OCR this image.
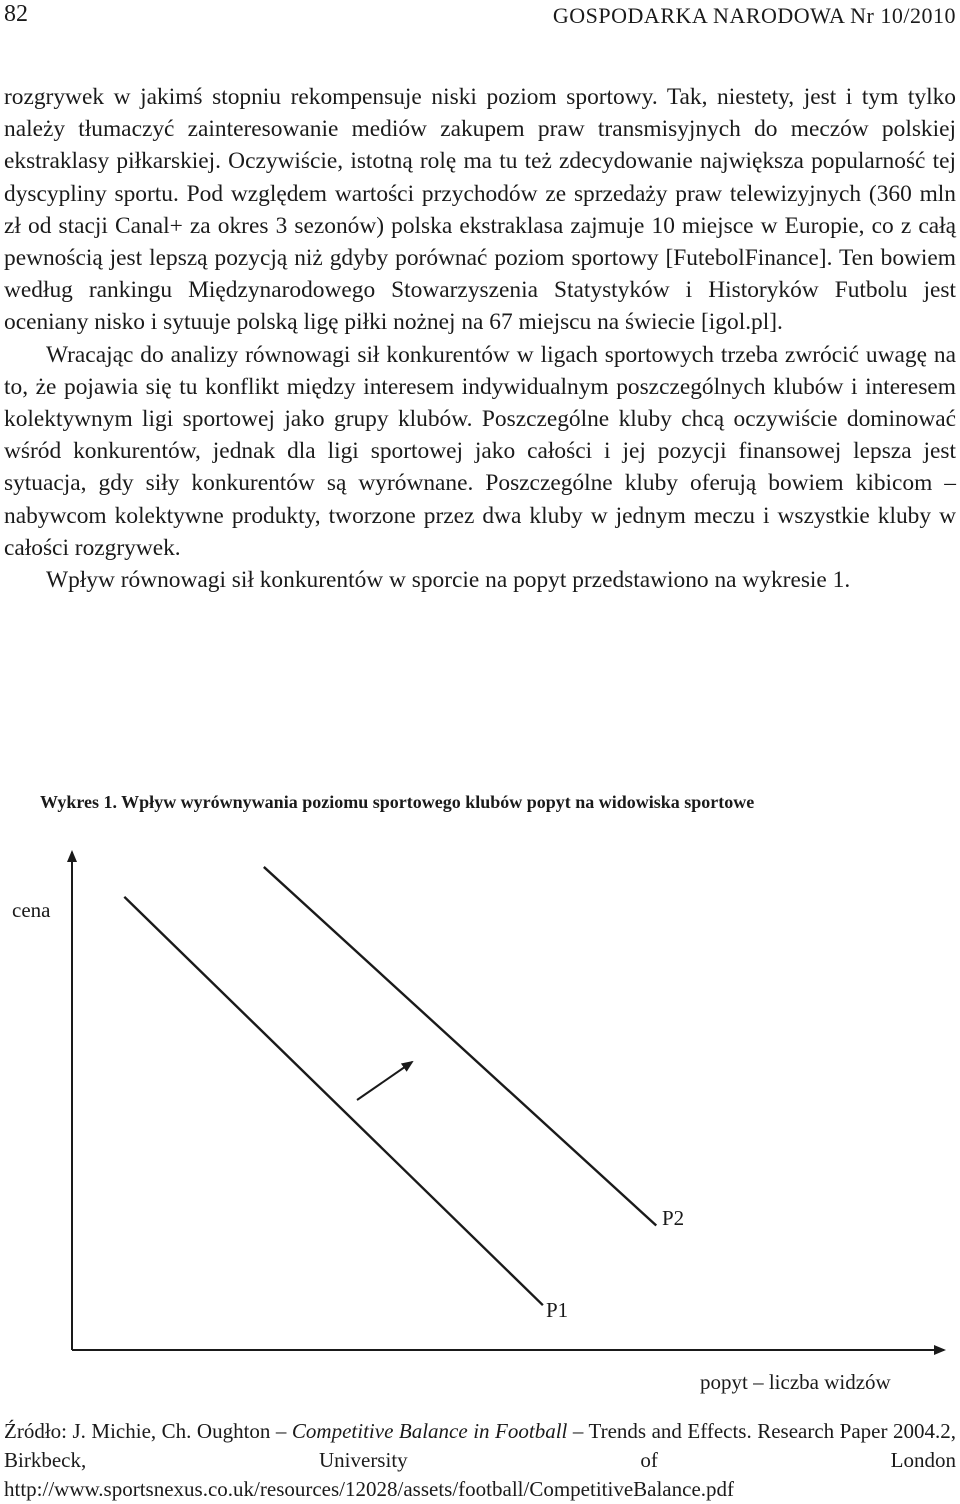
82	GOSPODARKA NARODOWA Nr 10/2010

rozgrywek w jakimś stopniu rekompensuje niski poziom sportowy. Tak, niestety, jest i tym tylko należy tłumaczyć zainteresowanie mediów zakupem praw transmisyjnych do meczów polskiej ekstraklasy piłkarskiej. Oczywiście, istotną rolę ma tu też zdecydowanie największa popularność tej dyscypliny sportu. Pod względem wartości przychodów ze sprzedaży praw telewizyjnych (360 mln zł od stacji Canal+ za okres 3 sezonów) polska ekstraklasa zajmuje 10 miejsce w Europie, co z całą pewnością jest lepszą pozycją niż gdyby porównać poziom sportowy [FutebolFinance]. Ten bowiem według rankingu Międzynarodowego Stowarzyszenia Statystyków i Historyków Futbolu jest oceniany nisko i sytuuje polską ligę piłki nożnej na 67 miejscu na świecie [igol.pl].

Wracając do analizy równowagi sił konkurentów w ligach sportowych trzeba zwrócić uwagę na to, że pojawia się tu konflikt między interesem indywidualnym poszczególnych klubów i interesem kolektywnym ligi sportowej jako grupy klubów. Poszczególne kluby chcą oczywiście dominować wśród konkurentów, jednak dla ligi sportowej jako całości i jej pozycji finansowej lepsza jest sytuacja, gdy siły konkurentów są wyrównane. Poszczególne kluby oferują bowiem kibicom – nabywcom kolektywne produkty, tworzone przez dwa kluby w jednym meczu i wszystkie kluby w całości rozgrywek.

Wpływ równowagi sił konkurentów w sporcie na popyt przedstawiono na wykresie 1.

Wykres 1. Wpływ wyrównywania poziomu sportowego klubów popyt na widowiska sportowe
cena
popyt – liczba widzów
P2
P1
Źródło: J. Michie, Ch. Oughton – Competitive Balance in Football – Trends and Effects. Research Paper 2004.2, Birkbeck, University of London http://www.sportsnexus.co.uk/resources/12028/assets/football/CompetitiveBalance.pdf
